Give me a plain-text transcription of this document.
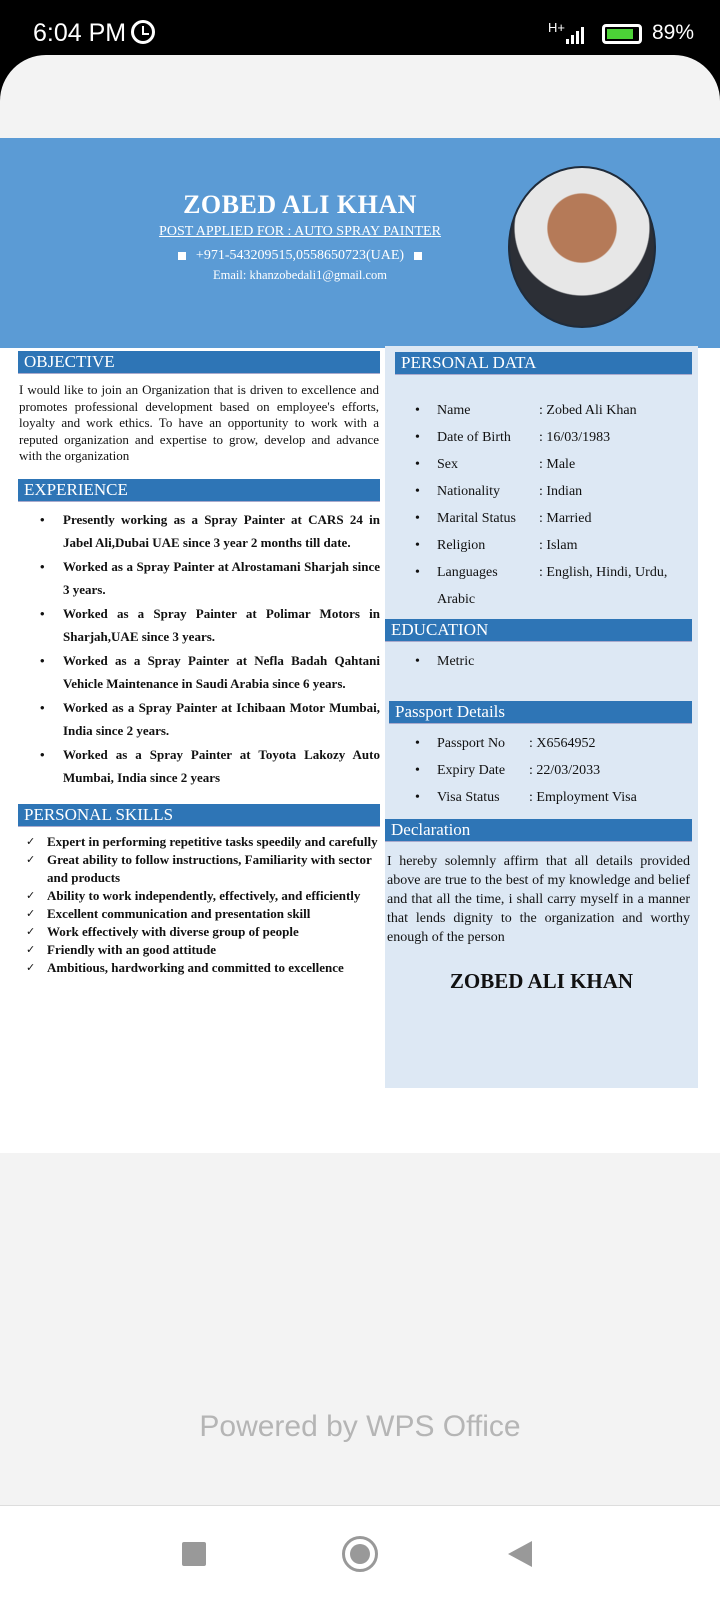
6:04 PM	H+	89%
ZOBED ALI KHAN
POST APPLIED FOR : AUTO SPRAY PAINTER
+971-543209515,0558650723(UAE)
Email: khanzobedali1@gmail.com
OBJECTIVE

I would like to join an Organization that is driven to excellence and promotes professional development based on employee's efforts, loyalty and work ethics. To have an opportunity to work with a reputed organization and expertise to grow, develop and advance with the organization

EXPERIENCE
• Presently working as a Spray Painter at CARS 24 in Jabel Ali,Dubai UAE since 3 year 2 months till date.
• Worked as a Spray Painter at Alrostamani Sharjah since 3 years.
• Worked as a Spray Painter at Polimar Motors in Sharjah,UAE since 3 years.
• Worked as a Spray Painter at Nefla Badah Qahtani Vehicle Maintenance in Saudi Arabia since 6 years.
• Worked as a Spray Painter at Ichibaan Motor Mumbai, India since 2 years.
• Worked as a Spray Painter at Toyota Lakozy Auto Mumbai, India since 2 years
PERSONAL SKILLS
✓ Expert in performing repetitive tasks speedily and carefully
✓ Great ability to follow instructions, Familiarity with sector and products
✓ Ability to work independently, effectively, and efficiently
✓ Excellent communication and presentation skill
✓ Work effectively with diverse group of people
✓ Friendly with an good attitude
✓ Ambitious, hardworking and committed to excellence
PERSONAL DATA
• Name	: Zobed Ali Khan
• Date of Birth : 16/03/1983
• Sex	: Male
• Nationality	: Indian
• Marital Status : Married
• Religion	: Islam
• Languages	: English, Hindi, Urdu, Arabic
EDUCATION
• Metric
Passport Details
• Passport No : X6564952
• Expiry Date : 22/03/2033
• Visa Status : Employment Visa
Declaration

I hereby solemnly affirm that all details provided above are true to the best of my knowledge and belief and that all the time, i shall carry myself in a manner that lends dignity to the organization and worthy enough of the person

ZOBED ALI KHAN
Powered by WPS Office
